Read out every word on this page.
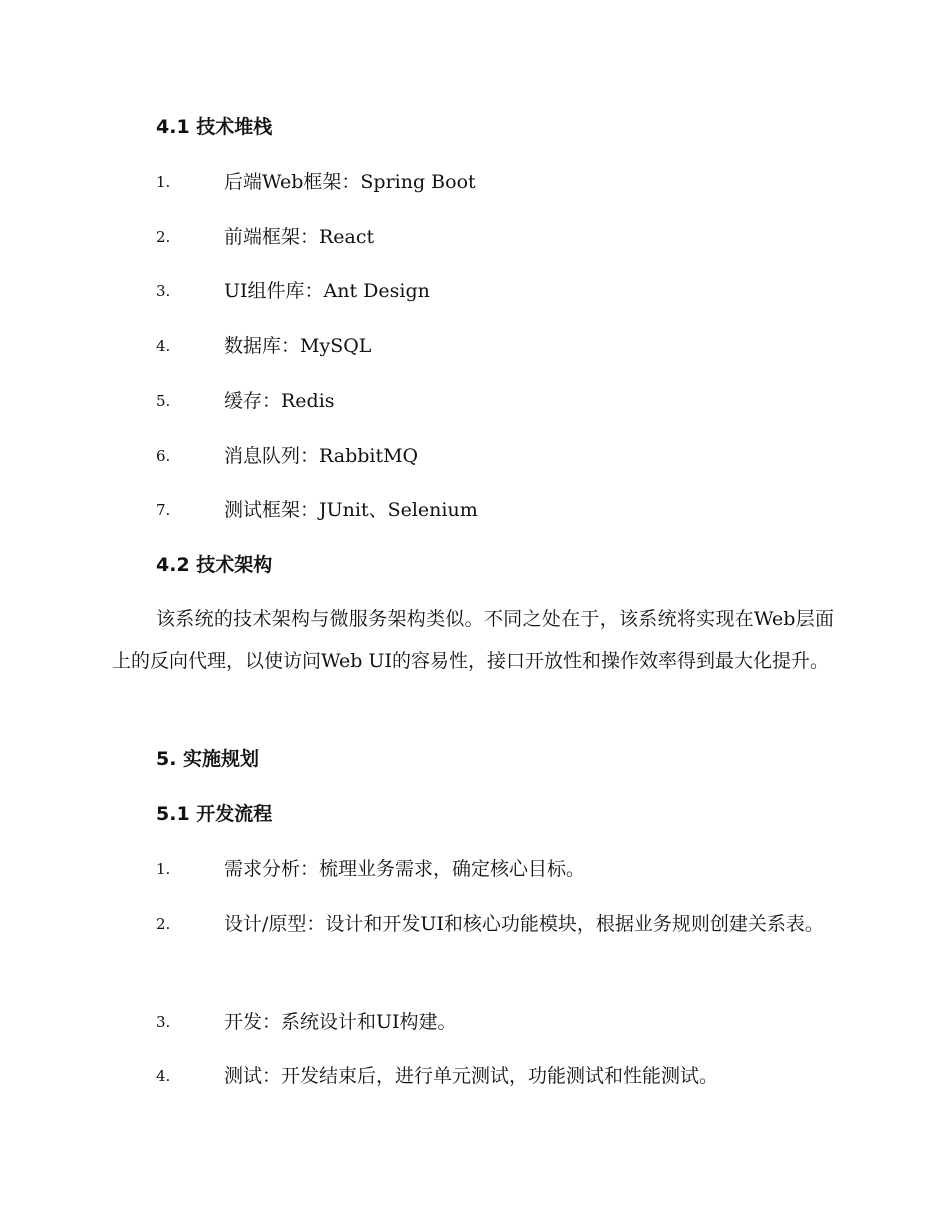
4.1 技术堆栈
1.	后端Web框架：Spring Boot
2.	前端框架：React
3.	UI组件库：Ant Design
4.	数据库：MySQL
5.	缓存：Redis
6.	消息队列：RabbitMQ
7.	测试框架：JUnit、Selenium
4.2 技术架构

该系统的技术架构与微服务架构类似。不同之处在于，该系统将实现在Web层面上的反向代理，以使访问Web UI的容易性，接口开放性和操作效率得到最大化提升。

5. 实施规划
5.1 开发流程
1.	需求分析：梳理业务需求，确定核心目标。
2.	设计/原型：设计和开发UI和核心功能模块，根据业务规则创建关系表。
3.	开发：系统设计和UI构建。
4.	测试：开发结束后，进行单元测试，功能测试和性能测试。
